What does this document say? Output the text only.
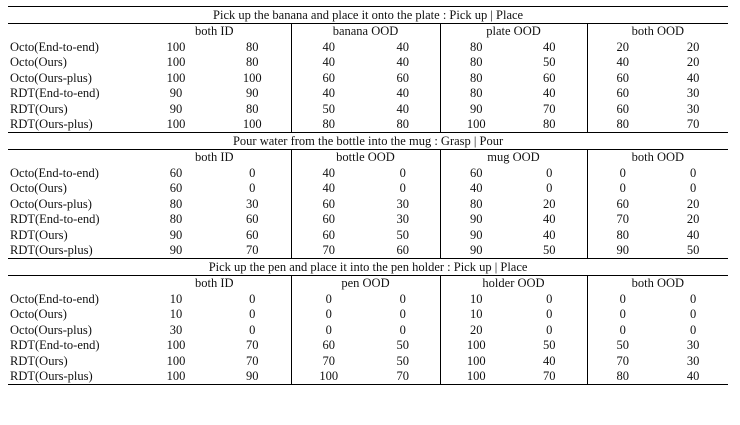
Pick up the banana and place it onto the plate : Pick up | Place								
	both ID		banana OOD		plate OOD		both OOD	
Octo(End-to-end)	100	80	40	40	80	40	20	20
Octo(Ours)	100	80	40	40	80	50	40	20
Octo(Ours-plus)	100	100	60	60	80	60	60	40
RDT(End-to-end)	90	90	40	40	80	40	60	30
RDT(Ours)	90	80	50	40	90	70	60	30
RDT(Ours-plus)	100	100	80	80	100	80	80	70
Pour water from the bottle into the mug : Grasp | Pour								
	both ID		bottle OOD		mug OOD		both OOD	
Octo(End-to-end)	60	0	40	0	60	0	0	0
Octo(Ours)	60	0	40	0	40	0	0	0
Octo(Ours-plus)	80	30	60	30	80	20	60	20
RDT(End-to-end)	80	60	60	30	90	40	70	20
RDT(Ours)	90	60	60	50	90	40	80	40
RDT(Ours-plus)	90	70	70	60	90	50	90	50
Pick up the pen and place it into the pen holder : Pick up | Place								
	both ID		pen OOD		holder OOD		both OOD	
Octo(End-to-end)	10	0	0	0	10	0	0	0
Octo(Ours)	10	0	0	0	10	0	0	0
Octo(Ours-plus)	30	0	0	0	20	0	0	0
RDT(End-to-end)	100	70	60	50	100	50	50	30
RDT(Ours)	100	70	70	50	100	40	70	30
RDT(Ours-plus)	100	90	100	70	100	70	80	40
